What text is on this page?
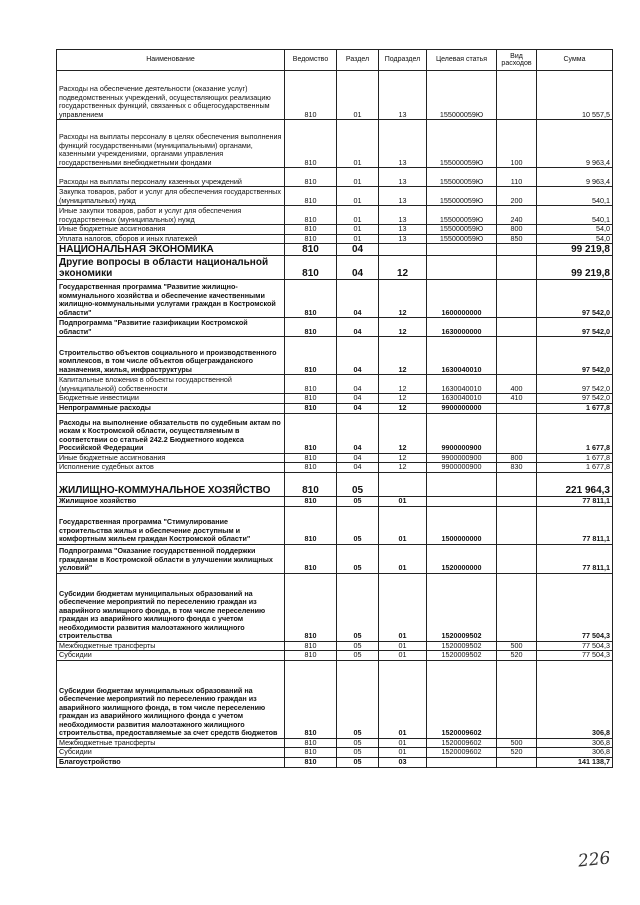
Наименование	Ведомство	Раздел	Подраздел	Целевая статья	Вид расходов	Сумма
Расходы на обеспечение деятельности (оказание услуг) подведомственных учреждений, осуществляющих реализацию государственных функций, связанных с общегосударственным управлением	810	01	13	155000059Ю		10 557,5
Расходы на выплаты персоналу в целях обеспечения выполнения функций государственными (муниципальными) органами, казенными учреждениями, органами управления государственными внебюджетными фондами	810	01	13	155000059Ю	100	9 963,4
Расходы на выплаты персоналу казенных учреждений	810	01	13	155000059Ю	110	9 963,4
Закупка товаров, работ и услуг для обеспечения государственных (муниципальных) нужд	810	01	13	155000059Ю	200	540,1
Иные закупки товаров, работ и услуг для обеспечения государственных (муниципальных) нужд	810	01	13	155000059Ю	240	540,1
Иные бюджетные ассигнования	810	01	13	155000059Ю	800	54,0
Уплата налогов, сборов и иных платежей	810	01	13	155000059Ю	850	54,0
НАЦИОНАЛЬНАЯ ЭКОНОМИКА	810	04				99 219,8
Другие вопросы в области национальной экономики	810	04	12			99 219,8
Государственная программа "Развитие жилищно-коммунального хозяйства и обеспечение качественными жилищно-коммунальными услугами граждан в Костромской области"	810	04	12	1600000000		97 542,0
Подпрограмма "Развитие газификации Костромской области"	810	04	12	1630000000		97 542,0
Строительство объектов социального и производственного комплексов, в том числе объектов общегражданского назначения, жилья, инфраструктуры	810	04	12	1630040010		97 542,0
Капитальные вложения в объекты государственной (муниципальной) собственности	810	04	12	1630040010	400	97 542,0
Бюджетные инвестиции	810	04	12	1630040010	410	97 542,0
Непрограммные расходы	810	04	12	9900000000		1 677,8
Расходы на выполнение обязательств по судебным актам по искам к Костромской области, осуществляемым в соответствии со статьей 242.2 Бюджетного кодекса Российской Федерации	810	04	12	9900000900		1 677,8
Иные бюджетные ассигнования	810	04	12	9900000900	800	1 677,8
Исполнение судебных актов	810	04	12	9900000900	830	1 677,8
ЖИЛИЩНО-КОММУНАЛЬНОЕ ХОЗЯЙСТВО	810	05				221 964,3
Жилищное хозяйство	810	05	01			77 811,1
Государственная программа "Стимулирование строительства жилья и обеспечение доступным и комфортным жильем граждан Костромской области"	810	05	01	1500000000		77 811,1
Подпрограмма "Оказание государственной поддержки гражданам в Костромской области в улучшении жилищных условий"	810	05	01	1520000000		77 811,1
Субсидии бюджетам муниципальных образований на обеспечение мероприятий по переселению граждан из аварийного жилищного фонда, в том числе переселению граждан из аварийного жилищного фонда с учетом необходимости развития малоэтажного жилищного строительства	810	05	01	1520009502		77 504,3
Межбюджетные трансферты	810	05	01	1520009502	500	77 504,3
Субсидии	810	05	01	1520009502	520	77 504,3
Субсидии бюджетам муниципальных образований на обеспечение мероприятий по переселению граждан из аварийного жилищного фонда, в том числе переселению граждан из аварийного жилищного фонда с учетом необходимости развития малоэтажного жилищного строительства, предоставляемые за счет средств бюджетов	810	05	01	1520009602		306,8
Межбюджетные трансферты	810	05	01	1520009602	500	306,8
Субсидии	810	05	01	1520009602	520	306,8
Благоустройство	810	05	03			141 138,7
226
